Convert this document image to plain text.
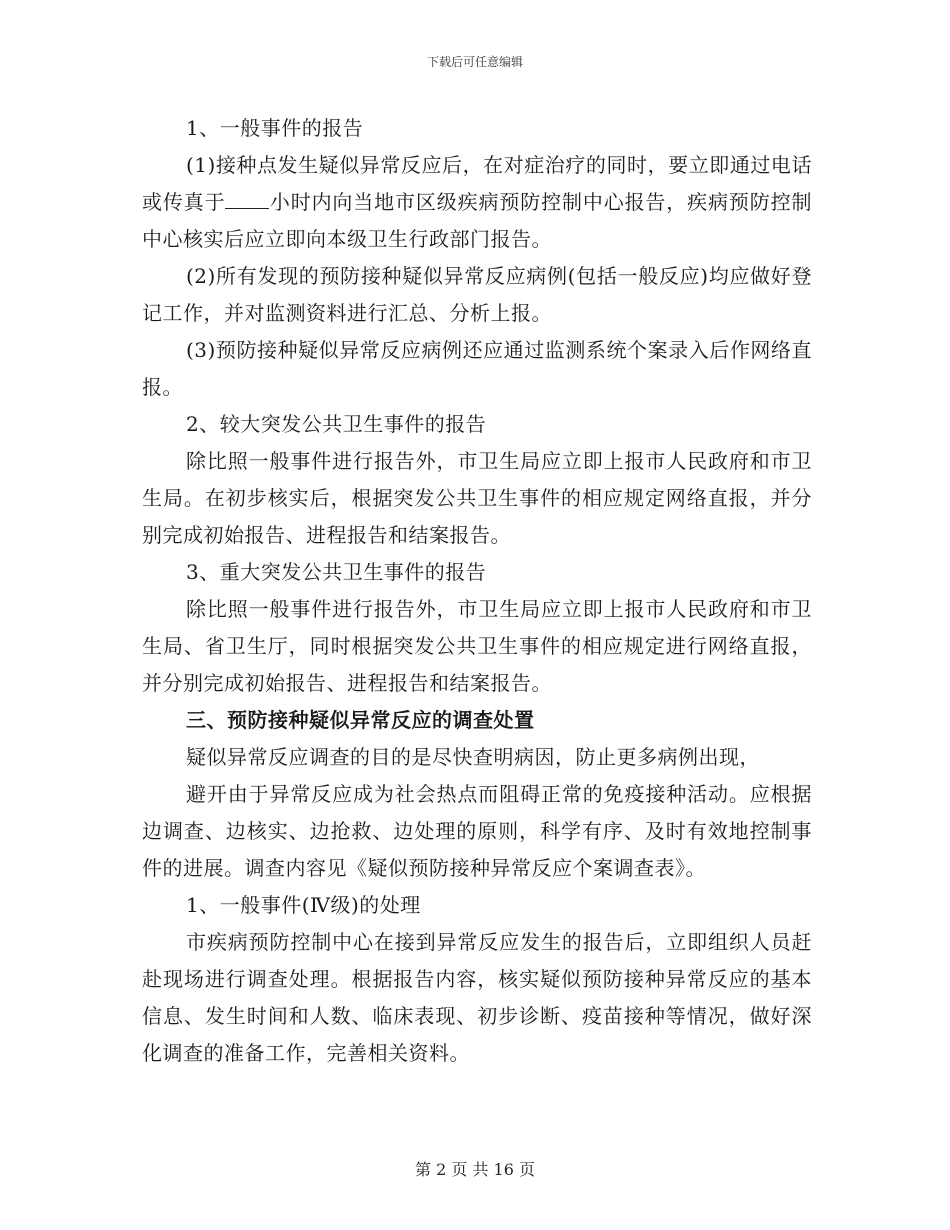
下载后可任意编辑

1、一般事件的报告

(1)接种点发生疑似异常反应后，在对症治疗的同时，要立即通过电话或传真于 小时内向当地市区级疾病预防控制中心报告，疾病预防控制中心核实后应立即向本级卫生行政部门报告。

(2)所有发现的预防接种疑似异常反应病例(包括一般反应)均应做好登记工作，并对监测资料进行汇总、分析上报。

(3)预防接种疑似异常反应病例还应通过监测系统个案录入后作网络直报。

2、较大突发公共卫生事件的报告

除比照一般事件进行报告外，市卫生局应立即上报市人民政府和市卫生局。在初步核实后，根据突发公共卫生事件的相应规定网络直报，并分别完成初始报告、进程报告和结案报告。

3、重大突发公共卫生事件的报告

除比照一般事件进行报告外，市卫生局应立即上报市人民政府和市卫生局、省卫生厅，同时根据突发公共卫生事件的相应规定进行网络直报，并分别完成初始报告、进程报告和结案报告。

三、预防接种疑似异常反应的调查处置

疑似异常反应调查的目的是尽快查明病因，防止更多病例出现，

避开由于异常反应成为社会热点而阻碍正常的免疫接种活动。应根据边调查、边核实、边抢救、边处理的原则，科学有序、及时有效地控制事件的进展。调查内容见《疑似预防接种异常反应个案调查表》。

1、一般事件(Ⅳ级)的处理

市疾病预防控制中心在接到异常反应发生的报告后，立即组织人员赶赴现场进行调查处理。根据报告内容，核实疑似预防接种异常反应的基本信息、发生时间和人数、临床表现、初步诊断、疫苗接种等情况，做好深化调查的准备工作，完善相关资料。

第 2 页 共 16 页
